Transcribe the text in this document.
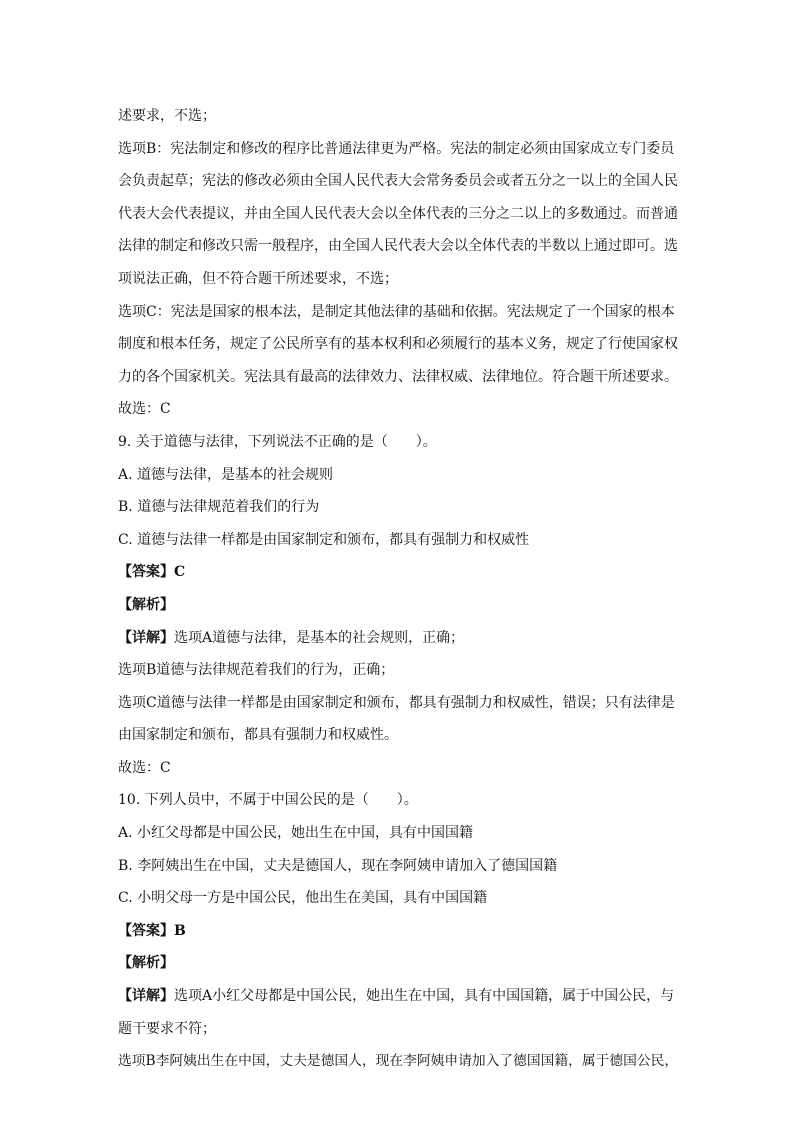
述要求，不选；
选项B：宪法制定和修改的程序比普通法律更为严格。宪法的制定必须由国家成立专门委员
会负责起草；宪法的修改必须由全国人民代表大会常务委员会或者五分之一以上的全国人民
代表大会代表提议，并由全国人民代表大会以全体代表的三分之二以上的多数通过。而普通
法律的制定和修改只需一般程序，由全国人民代表大会以全体代表的半数以上通过即可。选
项说法正确，但不符合题干所述要求，不选；
选项C：宪法是国家的根本法，是制定其他法律的基础和依据。宪法规定了一个国家的根本
制度和根本任务，规定了公民所享有的基本权利和必须履行的基本义务，规定了行使国家权
力的各个国家机关。宪法具有最高的法律效力、法律权威、法律地位。符合题干所述要求。
故选：C
9. 关于道德与法律，下列说法不正确的是（　　）。
A. 道德与法律，是基本的社会规则
B. 道德与法律规范着我们的行为
C. 道德与法律一样都是由国家制定和颁布，都具有强制力和权威性
【答案】C
【解析】
【详解】选项A道德与法律，是基本的社会规则，正确；
选项B道德与法律规范着我们的行为，正确；
选项C道德与法律一样都是由国家制定和颁布，都具有强制力和权威性，错误；只有法律是
由国家制定和颁布，都具有强制力和权威性。
故选：C
10. 下列人员中，不属于中国公民的是（　　）。
A. 小红父母都是中国公民，她出生在中国，具有中国国籍
B. 李阿姨出生在中国，丈夫是德国人，现在李阿姨申请加入了德国国籍
C. 小明父母一方是中国公民，他出生在美国，具有中国国籍
【答案】B
【解析】
【详解】选项A小红父母都是中国公民，她出生在中国，具有中国国籍，属于中国公民，与
题干要求不符；
选项B李阿姨出生在中国，丈夫是德国人，现在李阿姨申请加入了德国国籍，属于德国公民，
